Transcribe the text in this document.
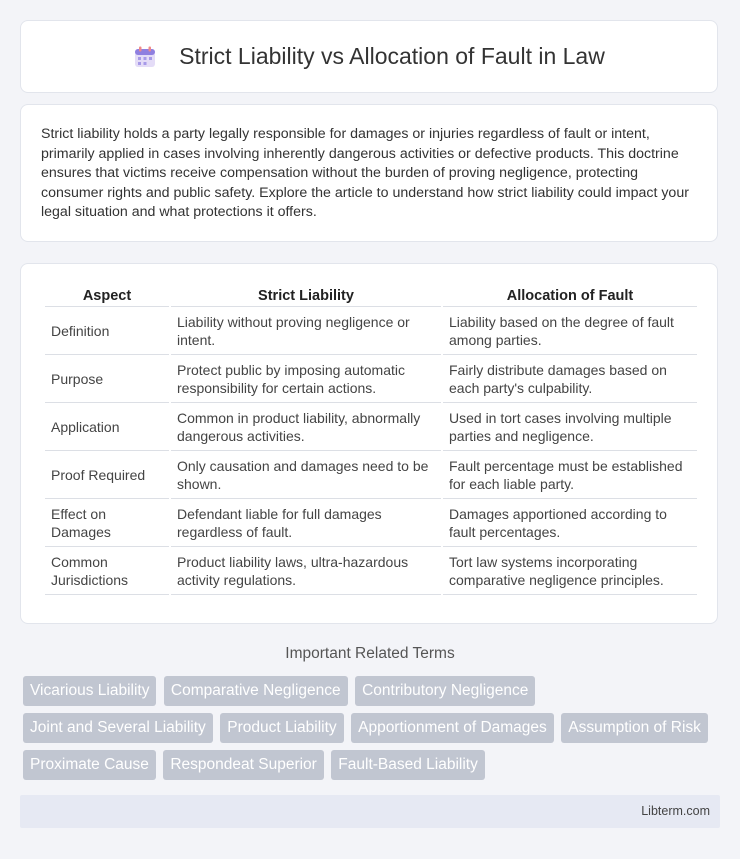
Strict Liability vs Allocation of Fault in Law

Strict liability holds a party legally responsible for damages or injuries regardless of fault or intent, primarily applied in cases involving inherently dangerous activities or defective products. This doctrine ensures that victims receive compensation without the burden of proving negligence, protecting consumer rights and public safety. Explore the article to understand how strict liability could impact your legal situation and what protections it offers.

Aspect	Strict Liability	Allocation of Fault
Definition	Liability without proving negligence or intent.	Liability based on the degree of fault among parties.
Purpose	Protect public by imposing automatic responsibility for certain actions.	Fairly distribute damages based on each party's culpability.
Application	Common in product liability, abnormally dangerous activities.	Used in tort cases involving multiple parties and negligence.
Proof Required	Only causation and damages need to be shown.	Fault percentage must be established for each liable party.
Effect on Damages	Defendant liable for full damages regardless of fault.	Damages apportioned according to fault percentages.
Common Jurisdictions	Product liability laws, ultra-hazardous activity regulations.	Tort law systems incorporating comparative negligence principles.
Important Related Terms
Vicarious Liability Comparative Negligence Contributory Negligence Joint and Several Liability Product Liability Apportionment of Damages Assumption of Risk Proximate Cause Respondeat Superior Fault-Based Liability
Libterm.com
